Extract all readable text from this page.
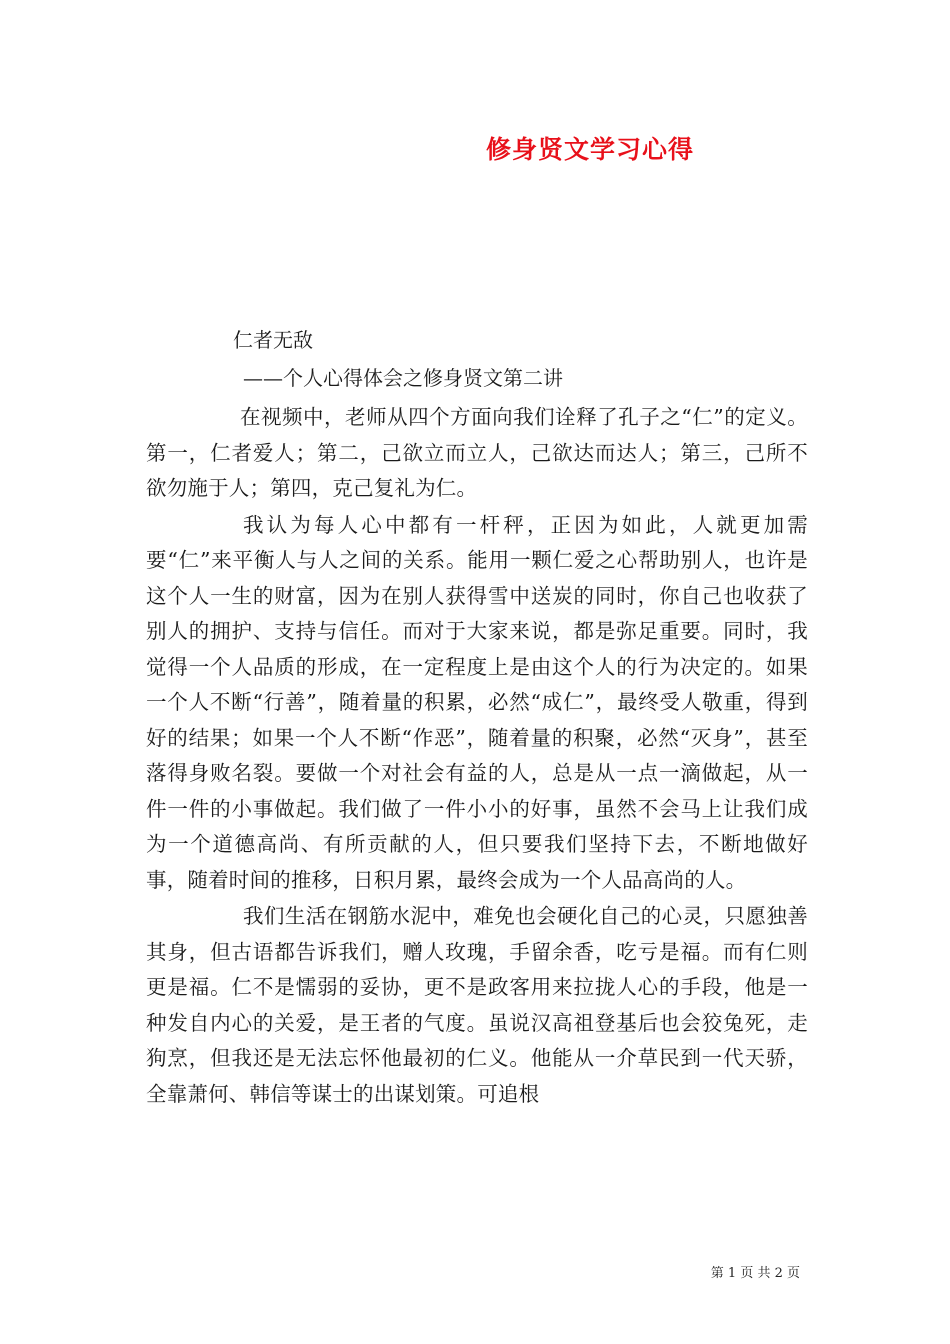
修身贤文学习心得
仁者无敌
——个人心得体会之修身贤文第二讲

在视频中，老师从四个方面向我们诠释了孔子之“仁”的定义。第一，仁者爱人；第二，己欲立而立人，己欲达而达人；第三，己所不欲勿施于人；第四，克己复礼为仁。

我认为每人心中都有一杆秤，正因为如此，人就更加需要“仁”来平衡人与人之间的关系。能用一颗仁爱之心帮助别人，也许是这个人一生的财富，因为在别人获得雪中送炭的同时，你自己也收获了别人的拥护、支持与信任。而对于大家来说，都是弥足重要。同时，我觉得一个人品质的形成，在一定程度上是由这个人的行为决定的。如果一个人不断“行善”，随着量的积累，必然“成仁”，最终受人敬重，得到好的结果；如果一个人不断“作恶”，随着量的积聚，必然“灭身”，甚至落得身败名裂。要做一个对社会有益的人，总是从一点一滴做起，从一件一件的小事做起。我们做了一件小小的好事，虽然不会马上让我们成为一个道德高尚、有所贡献的人，但只要我们坚持下去，不断地做好事，随着时间的推移，日积月累，最终会成为一个人品高尚的人。

我们生活在钢筋水泥中，难免也会硬化自己的心灵，只愿独善其身，但古语都告诉我们，赠人玫瑰，手留余香，吃亏是福。而有仁则更是福。仁不是懦弱的妥协，更不是政客用来拉拢人心的手段，他是一种发自内心的关爱，是王者的气度。虽说汉高祖登基后也会狡兔死，走狗烹，但我还是无法忘怀他最初的仁义。他能从一介草民到一代天骄，全靠萧何、韩信等谋士的出谋划策。可追根

第 1 页 共 2 页
